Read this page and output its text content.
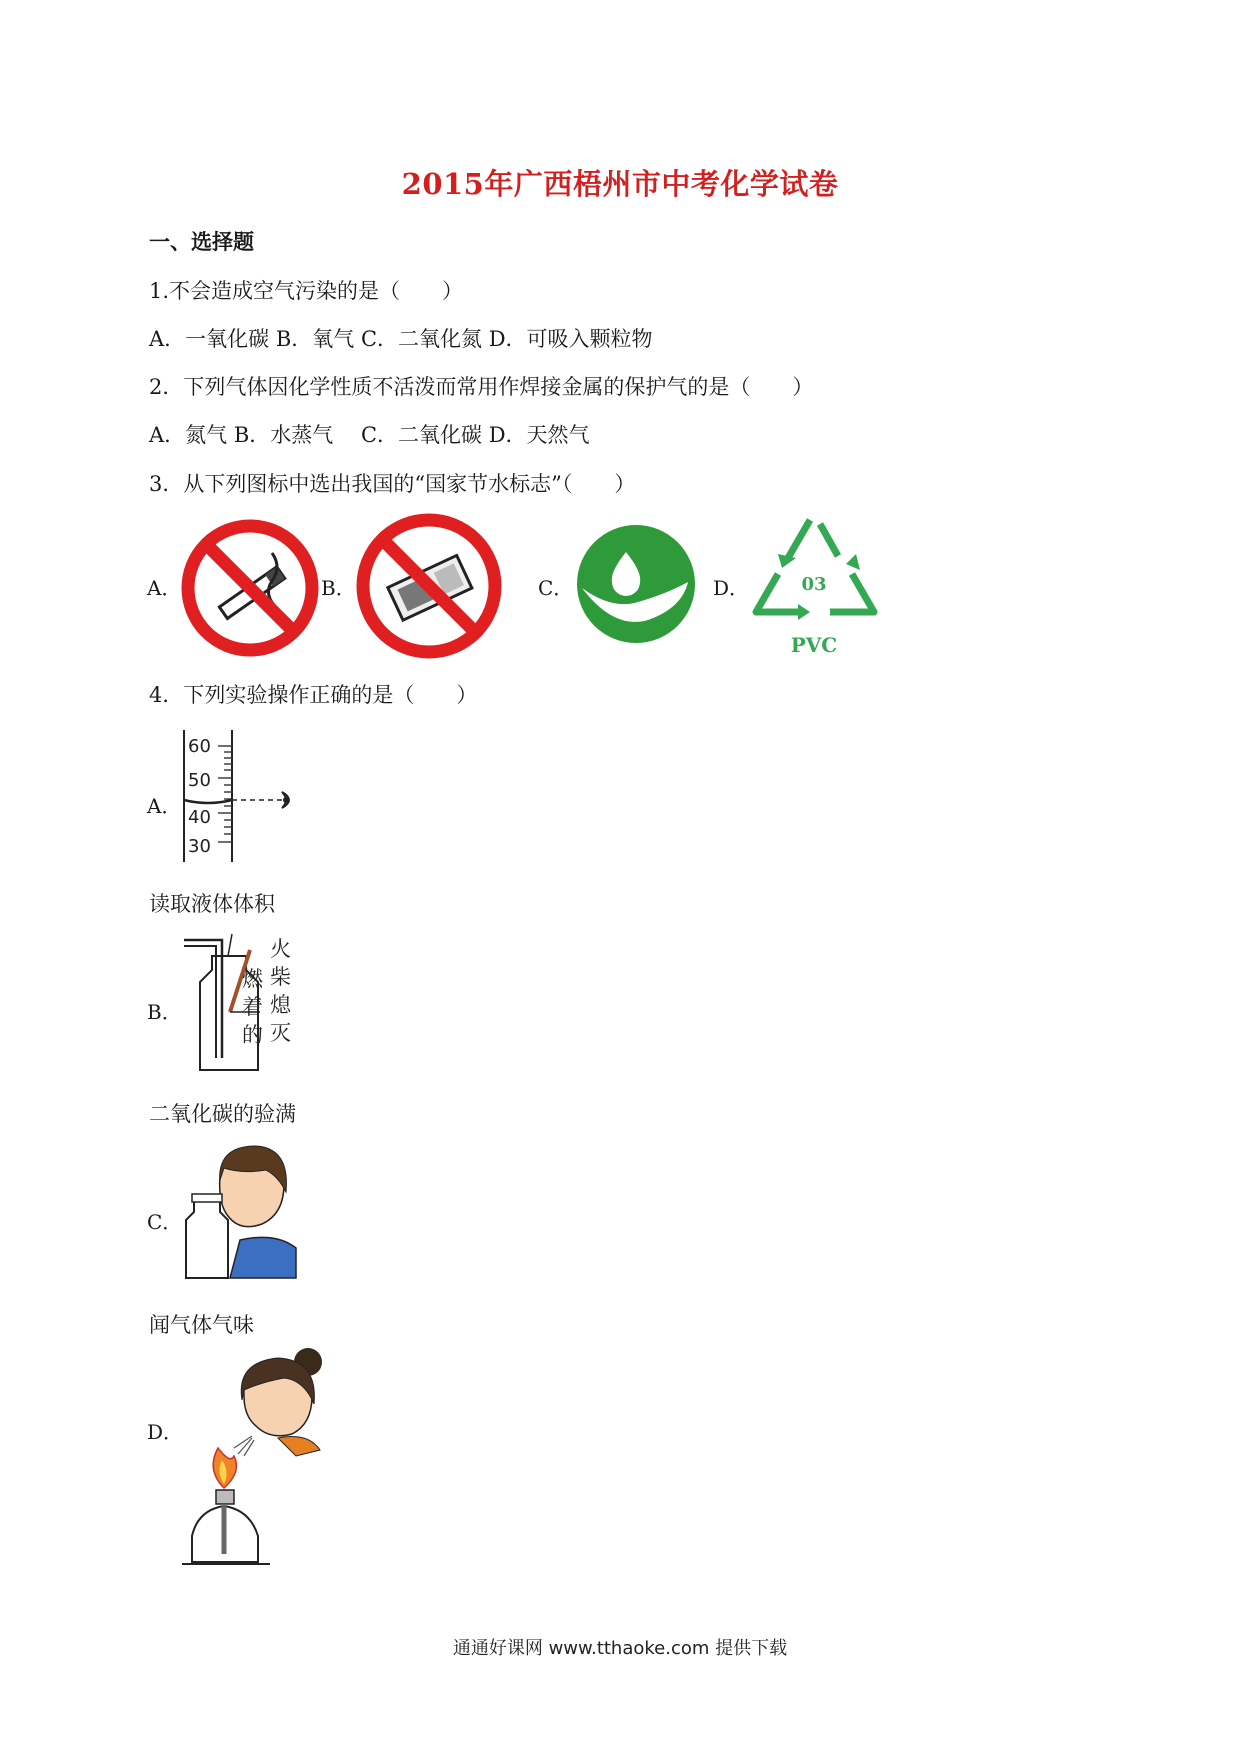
2015年广西梧州市中考化学试卷
一、选择题
1.不会造成空气污染的是（　　）
A．一氧化碳 B．氧气 C．二氧化氮 D．可吸入颗粒物
2．下列气体因化学性质不活泼而常用作焊接金属的保护气的是（　　）
A．氮气 B．水蒸气　 C．二氧化碳 D．天然气
3．从下列图标中选出我国的“国家节水标志”（　　）
A．	B．	C．	D．	03
PVC
4．下列实验操作正确的是（　　）
A．
60
50
40
30
读取液体体积
B．
火
柴
熄
灭
燃
着
的
二氧化碳的验满
C．
闻气体气味
D．
通通好课网 www.tthaoke.com 提供下载
